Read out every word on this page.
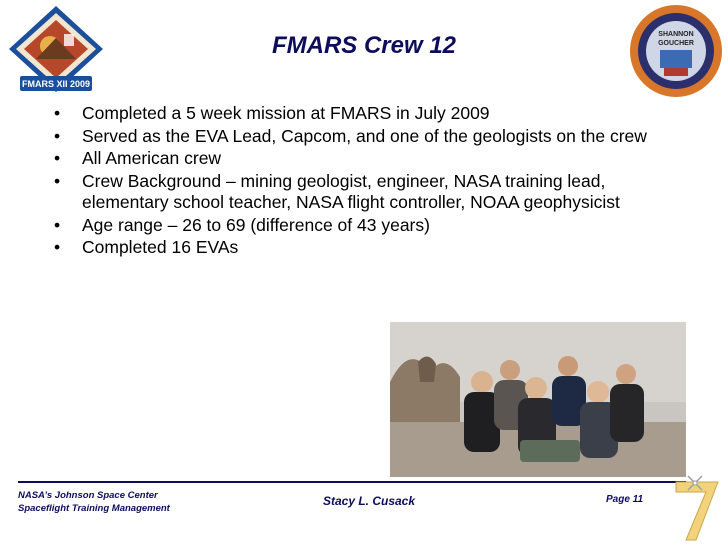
FMARS XII 2009
FMARS Crew 12	SHANNON
GOUCHER
• Completed a 5 week mission at FMARS in July 2009
• Served as the EVA Lead, Capcom, and one of the geologists on the crew
• All American crew
• Crew Background – mining geologist, engineer, NASA training lead, elementary school teacher, NASA flight controller, NOAA geophysicist
• Age range – 26 to 69 (difference of 43 years)
• Completed 16 EVAs
NASA’s Johnson Space Center
Spaceflight Training Management
Stacy L. Cusack	Page 11
